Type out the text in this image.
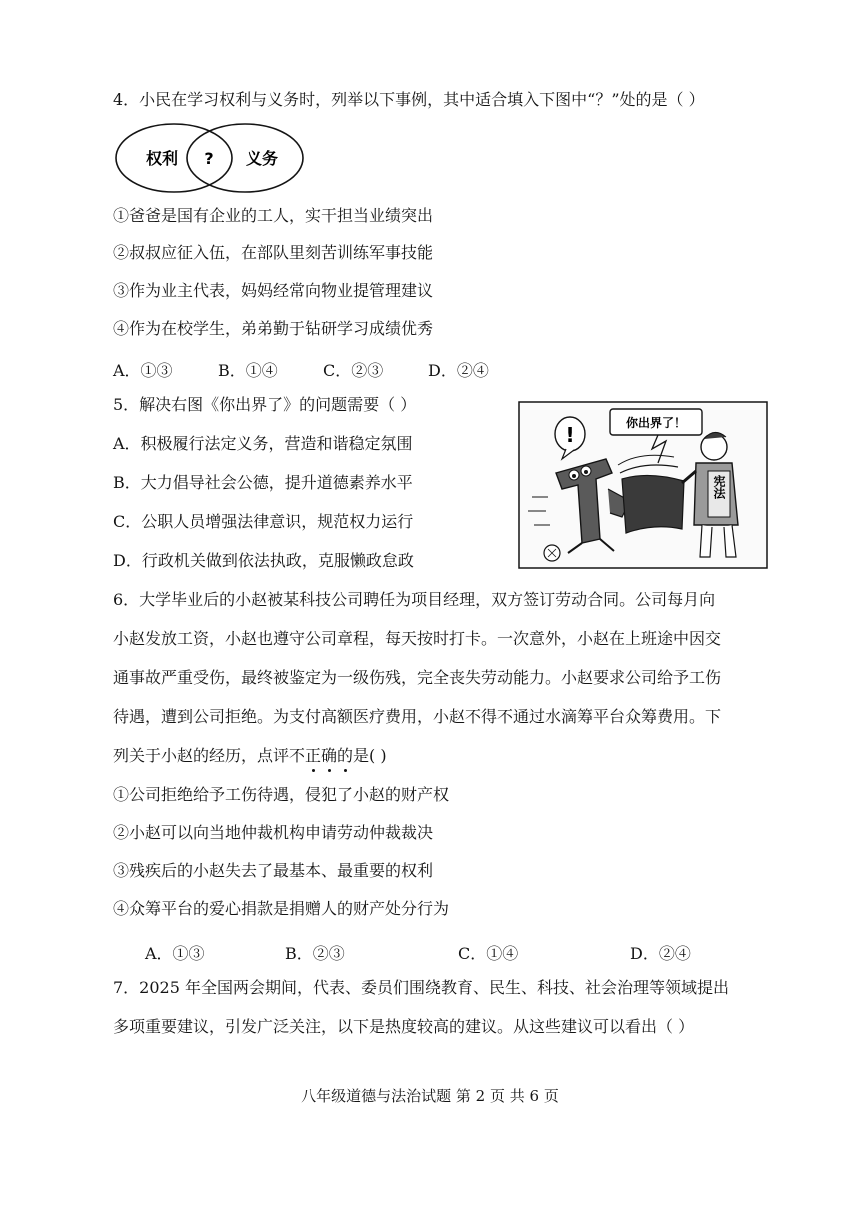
4．小民在学习权利与义务时，列举以下事例，其中适合填入下图中“？”处的是（ ）
权利 ? 义务
①爸爸是国有企业的工人，实干担当业绩突出
②叔叔应征入伍，在部队里刻苦训练军事技能
③作为业主代表，妈妈经常向物业提管理建议
④作为在校学生，弟弟勤于钻研学习成绩优秀
A．①③	B．①④	C．②③	D．②④
5．解决右图《你出界了》的问题需要（ ）
A．积极履行法定义务，营造和谐稳定氛围
B．大力倡导社会公德，提升道德素养水平
C．公职人员增强法律意识，规范权力运行
D．行政机关做到依法执政，克服懒政怠政
你出界了！
!
宪法
6．大学毕业后的小赵被某科技公司聘任为项目经理，双方签订劳动合同。公司每月向
小赵发放工资，小赵也遵守公司章程，每天按时打卡。一次意外，小赵在上班途中因交
通事故严重受伤，最终被鉴定为一级伤残，完全丧失劳动能力。小赵要求公司给予工伤
待遇，遭到公司拒绝。为支付高额医疗费用，小赵不得不通过水滴筹平台众筹费用。下
列关于小赵的经历，点评不正确的是( )
①公司拒绝给予工伤待遇，侵犯了小赵的财产权
②小赵可以向当地仲裁机构申请劳动仲裁裁决
③残疾后的小赵失去了最基本、最重要的权利
④众筹平台的爱心捐款是捐赠人的财产处分行为
A．①③	B．②③	C．①④	D．②④
7．2025 年全国两会期间，代表、委员们围绕教育、民生、科技、社会治理等领域提出
多项重要建议，引发广泛关注，以下是热度较高的建议。从这些建议可以看出（ ）
八年级道德与法治试题 第 2 页 共 6 页
